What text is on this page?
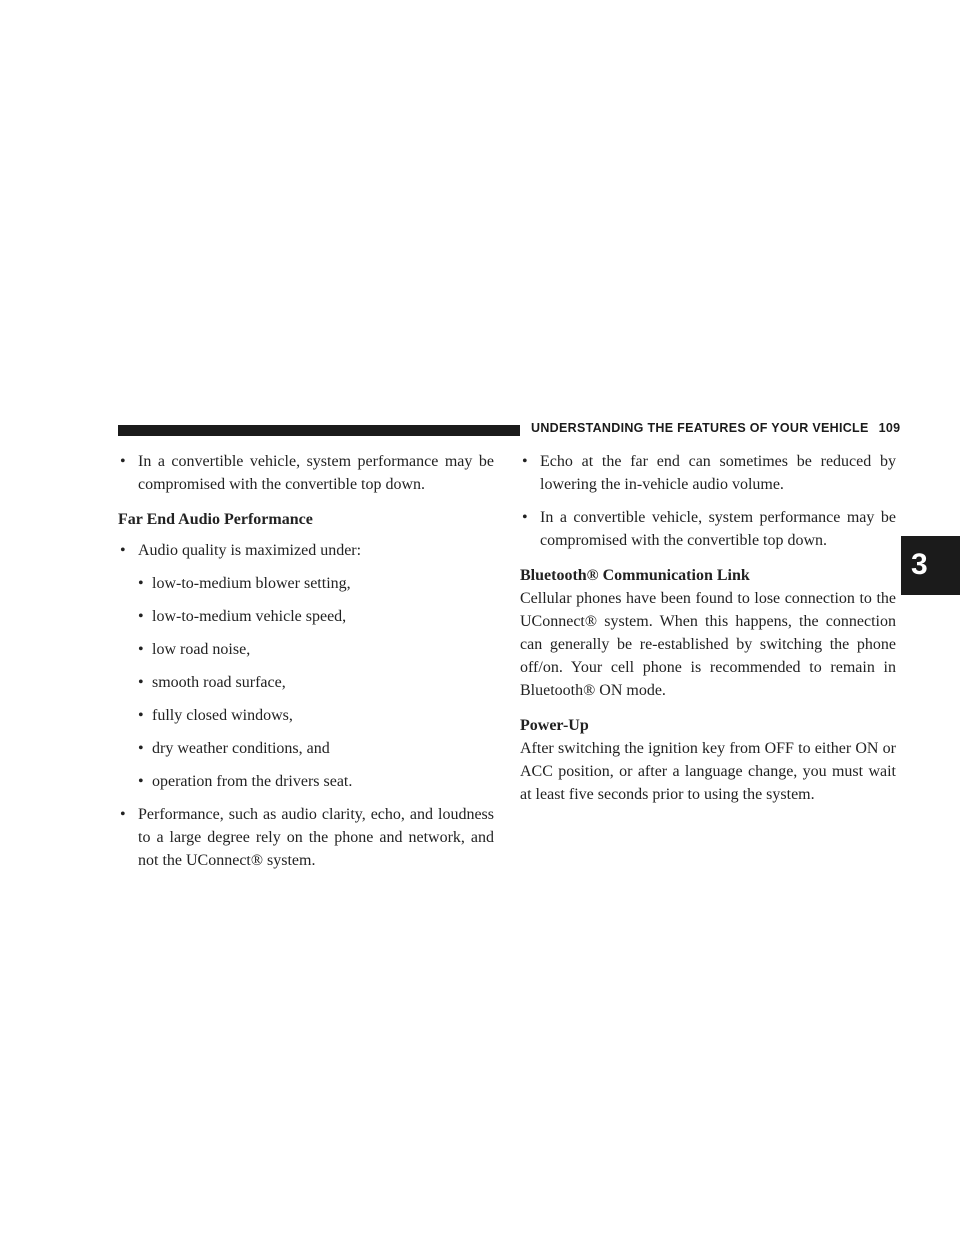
UNDERSTANDING THE FEATURES OF YOUR VEHICLE 109
3
• In a convertible vehicle, system performance may be compromised with the convertible top down.
Far End Audio Performance
• Audio quality is maximized under:
• low-to-medium blower setting,
• low-to-medium vehicle speed,
• low road noise,
• smooth road surface,
• fully closed windows,
• dry weather conditions, and
• operation from the drivers seat.
• Performance, such as audio clarity, echo, and loudness to a large degree rely on the phone and network, and not the UConnect® system.
• Echo at the far end can sometimes be reduced by lowering the in-vehicle audio volume.
• In a convertible vehicle, system performance may be compromised with the convertible top down.
Bluetooth® Communication Link
Cellular phones have been found to lose connection to the UConnect® system. When this happens, the connection can generally be re-established by switching the phone off/on. Your cell phone is recommended to remain in Bluetooth® ON mode.
Power-Up
After switching the ignition key from OFF to either ON or ACC position, or after a language change, you must wait at least five seconds prior to using the system.
